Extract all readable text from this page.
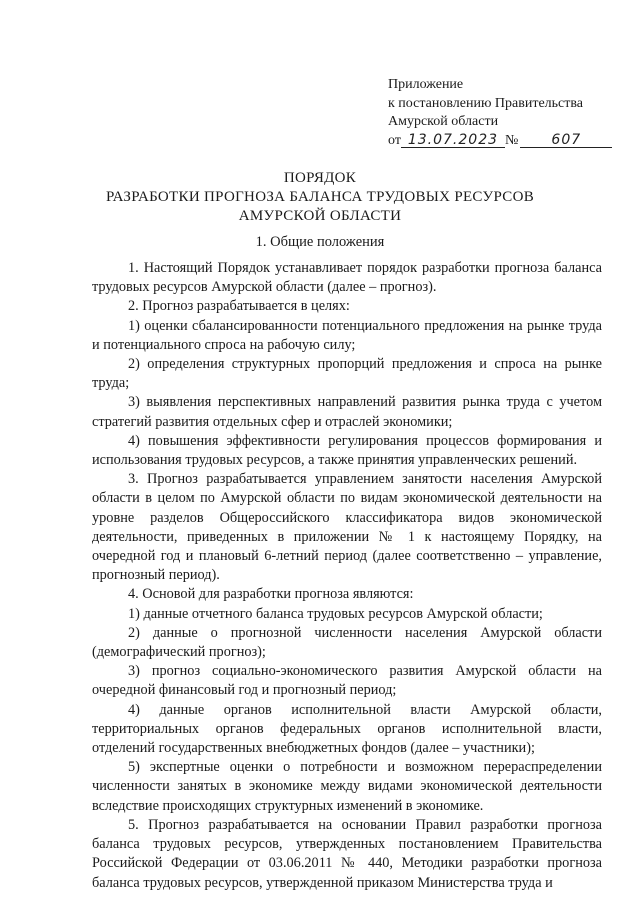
Приложение
к постановлению Правительства
Амурской области
от 13.07.2023 № 607
ПОРЯДОК
РАЗРАБОТКИ ПРОГНОЗА БАЛАНСА ТРУДОВЫХ РЕСУРСОВ
АМУРСКОЙ ОБЛАСТИ
1. Общие положения

1. Настоящий Порядок устанавливает порядок разработки прогноза баланса трудовых ресурсов Амурской области (далее – прогноз).

2. Прогноз разрабатывается в целях:

1) оценки сбалансированности потенциального предложения на рынке труда и потенциального спроса на рабочую силу;

2) определения структурных пропорций предложения и спроса на рынке труда;

3) выявления перспективных направлений развития рынка труда с учетом стратегий развития отдельных сфер и отраслей экономики;

4) повышения эффективности регулирования процессов формирования и использования трудовых ресурсов, а также принятия управленческих решений.

3. Прогноз разрабатывается управлением занятости населения Амурской области в целом по Амурской области по видам экономической деятельности на уровне разделов Общероссийского классификатора видов экономической деятельности, приведенных в приложении № 1 к настоящему Порядку, на очередной год и плановый 6-летний период (далее соответственно – управление, прогнозный период).

4. Основой для разработки прогноза являются:

1) данные отчетного баланса трудовых ресурсов Амурской области;

2) данные о прогнозной численности населения Амурской области (демографический прогноз);

3) прогноз социально-экономического развития Амурской области на очередной финансовый год и прогнозный период;

4) данные органов исполнительной власти Амурской области, территориальных органов федеральных органов исполнительной власти, отделений государственных внебюджетных фондов (далее – участники);

5) экспертные оценки о потребности и возможном перераспределении численности занятых в экономике между видами экономической деятельности вследствие происходящих структурных изменений в экономике.

5. Прогноз разрабатывается на основании Правил разработки прогноза баланса трудовых ресурсов, утвержденных постановлением Правительства Российской Федерации от 03.06.2011 № 440, Методики разработки прогноза баланса трудовых ресурсов, утвержденной приказом Министерства труда и
